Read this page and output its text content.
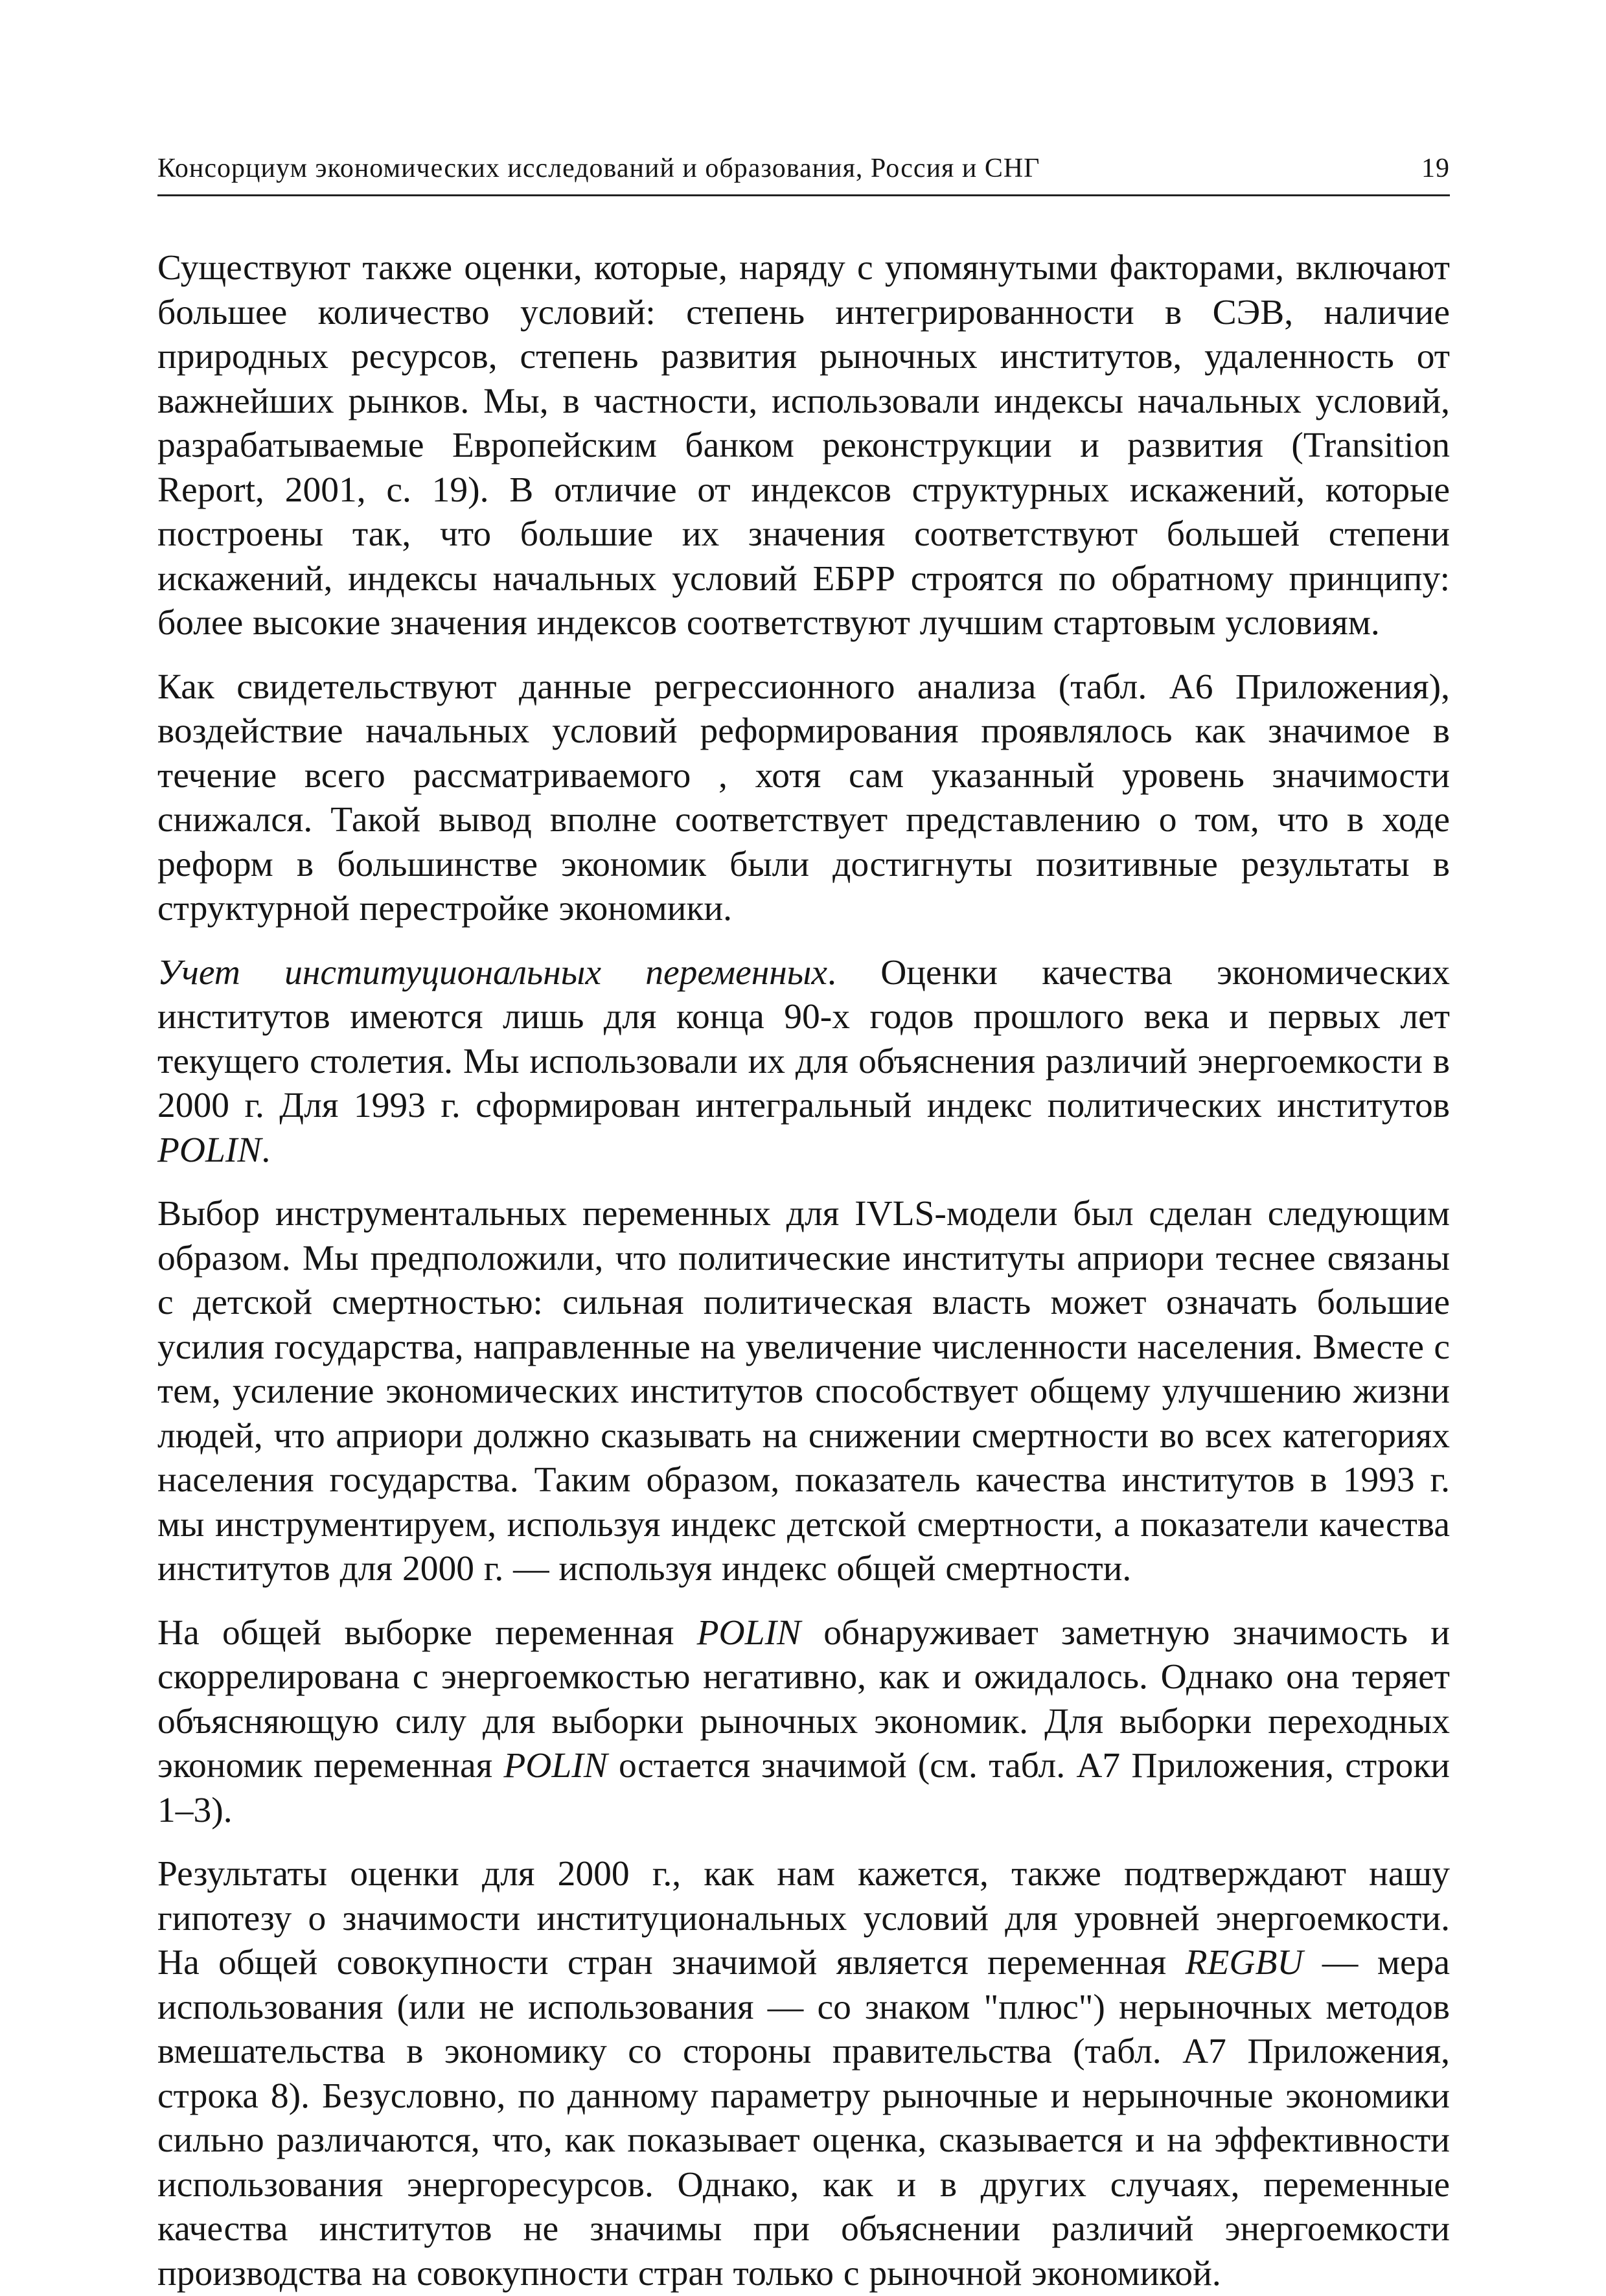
Консорциум экономических исследований и образования, Россия и СНГ	19

Существуют также оценки, которые, наряду с упомянутыми факторами, включают большее количество условий: степень интегрированности в СЭВ, наличие природных ресурсов, степень развития рыночных институтов, удаленность от важнейших рынков. Мы, в частности, использовали индексы начальных условий, разрабатываемые Европейским банком реконструкции и развития (Transition Report, 2001, с. 19). В отличие от индексов структурных искажений, которые построены так, что большие их значения соответствуют большей степени искажений, индексы начальных условий ЕБРР строятся по обратному принципу: более высокие значения индексов соответствуют лучшим стартовым условиям.

Как свидетельствуют данные регрессионного анализа (табл. А6 Приложения), воздействие начальных условий реформирования проявлялось как значимое в течение всего рассматриваемого , хотя сам указанный уровень значимости снижался. Такой вывод вполне соответствует представлению о том, что в ходе реформ в большинстве экономик были достигнуты позитивные результаты в структурной перестройке экономики.

Учет институциональных переменных. Оценки качества экономических институтов имеются лишь для конца 90-х годов прошлого века и первых лет текущего столетия. Мы использовали их для объяснения различий энергоемкости в 2000 г. Для 1993 г. сформирован интегральный индекс политических институтов POLIN.

Выбор инструментальных переменных для IVLS-модели был сделан следующим образом. Мы предположили, что политические институты априори теснее связаны с детской смертностью: сильная политическая власть может означать большие усилия государства, направленные на увеличение численности населения. Вместе с тем, усиление экономических институтов способствует общему улучшению жизни людей, что априори должно сказывать на снижении смертности во всех категориях населения государства. Таким образом, показатель качества институтов в 1993 г. мы инструментируем, используя индекс детской смертности, а показатели качества институтов для 2000 г. — используя индекс общей смертности.

На общей выборке переменная POLIN обнаруживает заметную значимость и скоррелирована с энергоемкостью негативно, как и ожидалось. Однако она теряет объясняющую силу для выборки рыночных экономик. Для выборки переходных экономик переменная POLIN остается значимой (см. табл. А7 Приложения, строки 1–3).

Результаты оценки для 2000 г., как нам кажется, также подтверждают нашу гипотезу о значимости институциональных условий для уровней энергоемкости. На общей совокупности стран значимой является переменная REGBU — мера использования (или не использования — со знаком "плюс") нерыночных методов вмешательства в экономику со стороны правительства (табл. А7 Приложения, строка 8). Безусловно, по данному параметру рыночные и нерыночные экономики сильно различаются, что, как показывает оценка, сказывается и на эффективности использования энергоресурсов. Однако, как и в других случаях, переменные качества институтов не значимы при объяснении различий энергоемкости производства на совокупности стран только с рыночной экономикой.
